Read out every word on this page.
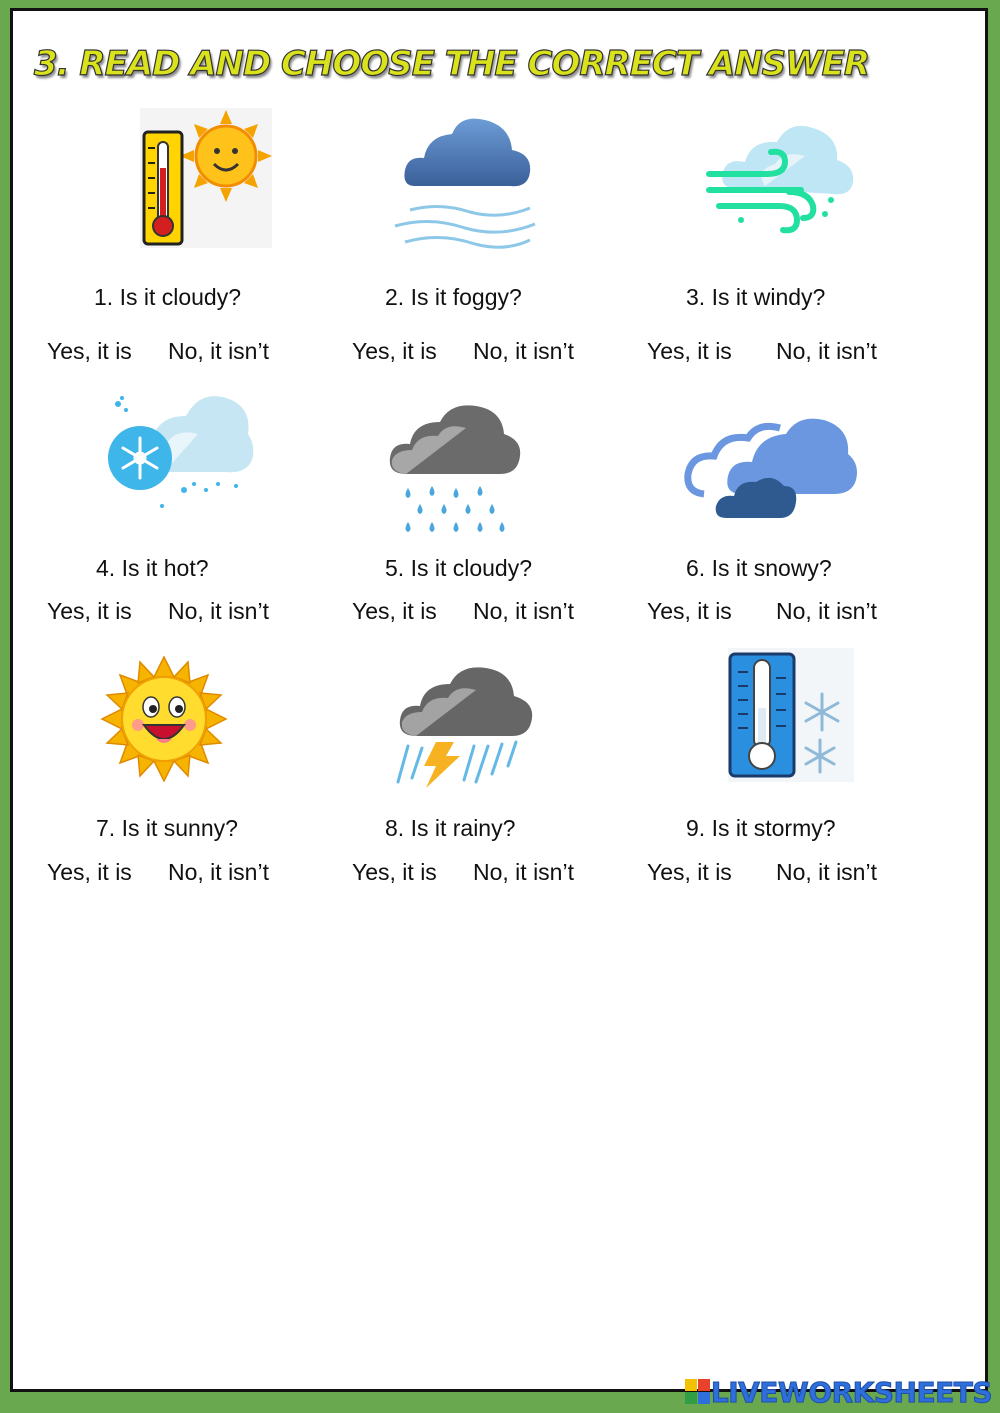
3. READ AND CHOOSE THE CORRECT ANSWER
1. Is it cloudy?	2. Is it foggy?	3. Is it windy?
Yes, it is No, it isn’t	Yes, it is No, it isn’t	Yes, it is No, it isn’t
4. Is it hot?	5. Is it cloudy?	6. Is it snowy?
Yes, it is No, it isn’t	Yes, it is No, it isn’t	Yes, it is No, it isn’t
7. Is it sunny?	8. Is it rainy?	9. Is it stormy?
Yes, it is No, it isn’t	Yes, it is No, it isn’t	Yes, it is No, it isn’t
LIVEWORKSHEETS
